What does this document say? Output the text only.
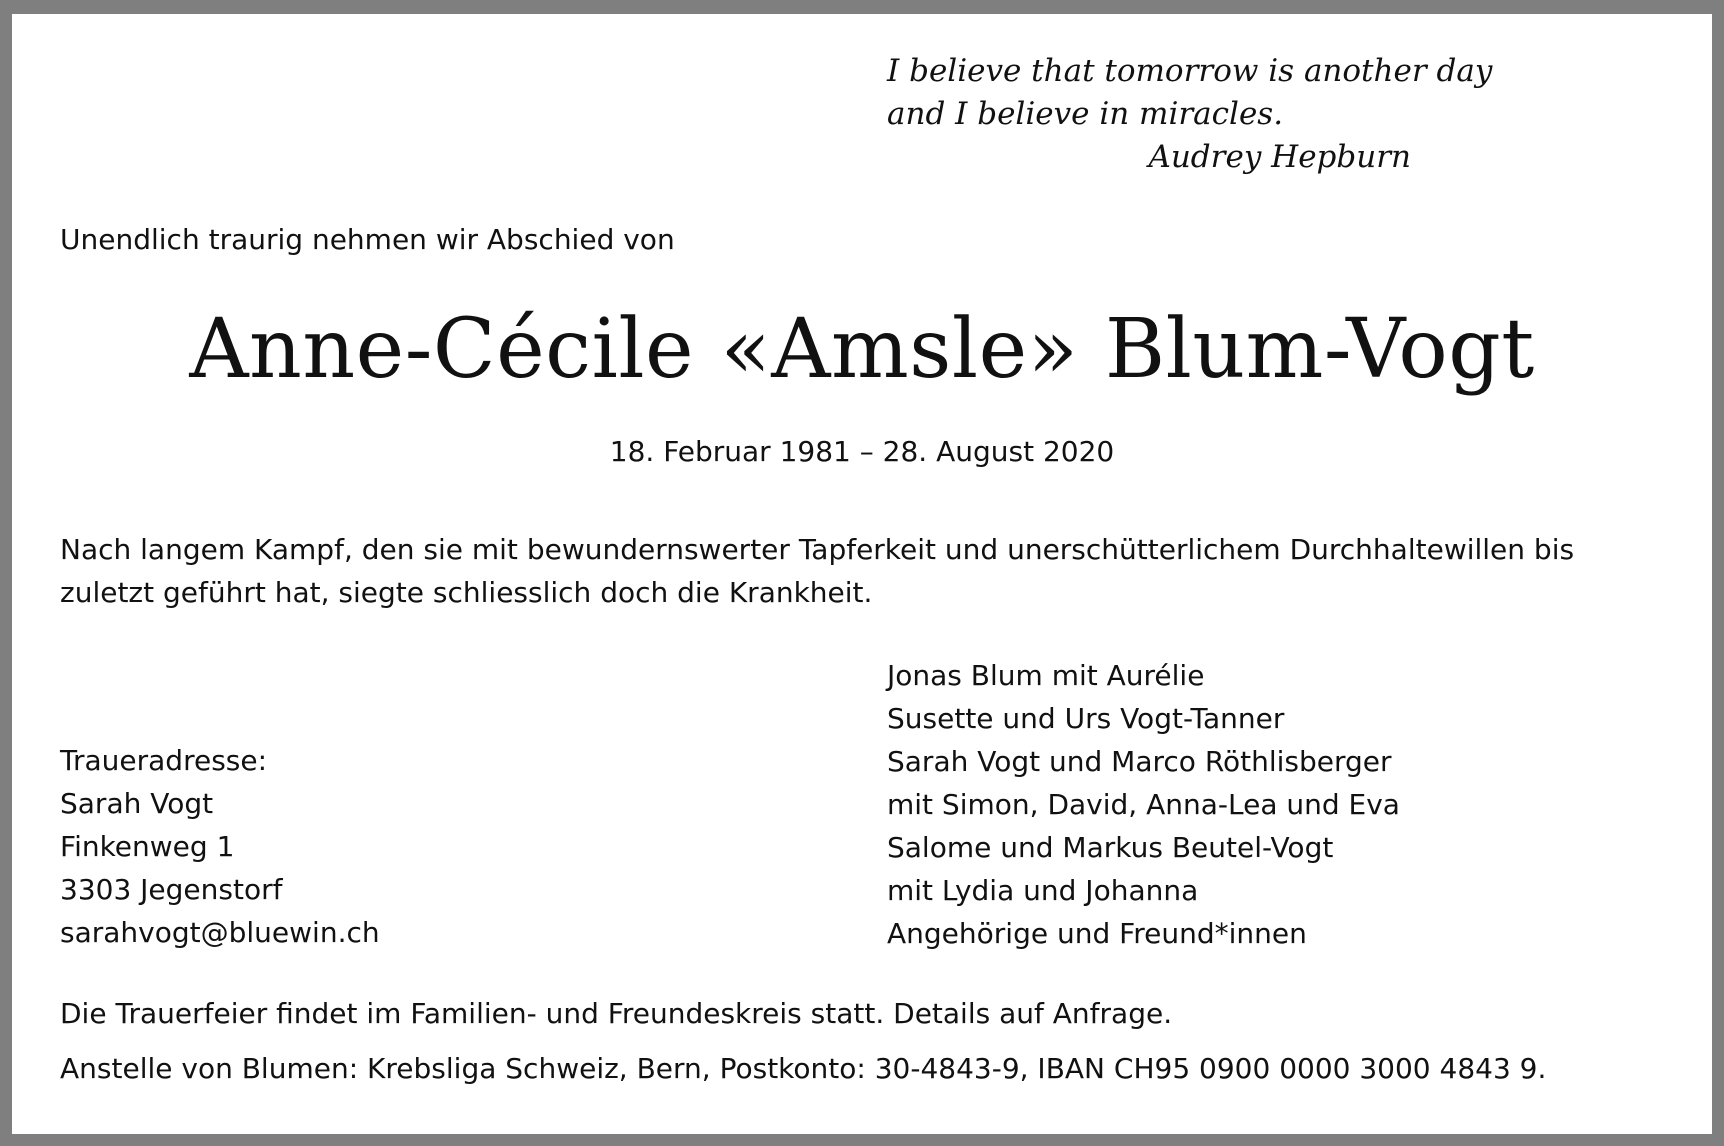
I believe that tomorrow is another day
and I believe in miracles.
Audrey Hepburn
Unendlich traurig nehmen wir Abschied von
Anne-Cécile «Amsle» Blum-Vogt
18. Februar 1981 – 28. August 2020
Nach langem Kampf, den sie mit bewundernswerter Tapferkeit und unerschütterlichem Durchhaltewillen bis zuletzt geführt hat, siegte schliesslich doch die Krankheit.
Jonas Blum mit Aurélie
Susette und Urs Vogt-Tanner
Sarah Vogt und Marco Röthlisberger
mit Simon, David, Anna-Lea und Eva
Salome und Markus Beutel-Vogt
mit Lydia und Johanna
Angehörige und Freund*innen
Traueradresse:
Sarah Vogt
Finkenweg 1
3303 Jegenstorf
sarahvogt@bluewin.ch
Die Trauerfeier findet im Familien- und Freundeskreis statt. Details auf Anfrage.
Anstelle von Blumen: Krebsliga Schweiz, Bern, Postkonto: 30-4843-9, IBAN CH95 0900 0000 3000 4843 9.
